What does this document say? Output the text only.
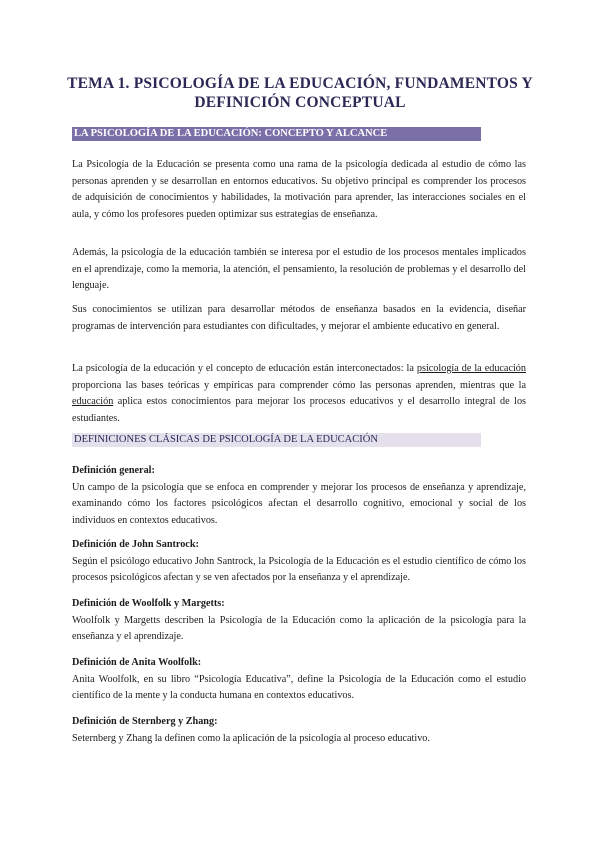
TEMA 1. PSICOLOGÍA DE LA EDUCACIÓN, FUNDAMENTOS Y DEFINICIÓN CONCEPTUAL
LA PSICOLOGÍA DE LA EDUCACIÓN: CONCEPTO Y ALCANCE

La Psicología de la Educación se presenta como una rama de la psicología dedicada al estudio de cómo las personas aprenden y se desarrollan en entornos educativos. Su objetivo principal es comprender los procesos de adquisición de conocimientos y habilidades, la motivación para aprender, las interacciones sociales en el aula, y cómo los profesores pueden optimizar sus estrategias de enseñanza.

Además, la psicología de la educación también se interesa por el estudio de los procesos mentales implicados en el aprendizaje, como la memoria, la atención, el pensamiento, la resolución de problemas y el desarrollo del lenguaje.

Sus conocimientos se utilizan para desarrollar métodos de enseñanza basados en la evidencia, diseñar programas de intervención para estudiantes con dificultades, y mejorar el ambiente educativo en general.

La psicología de la educación y el concepto de educación están interconectados: la psicología de la educación proporciona las bases teóricas y empíricas para comprender cómo las personas aprenden, mientras que la educación aplica estos conocimientos para mejorar los procesos educativos y el desarrollo integral de los estudiantes.

DEFINICIONES CLÁSICAS DE PSICOLOGÍA DE LA EDUCACIÓN
Definición general:
Un campo de la psicología que se enfoca en comprender y mejorar los procesos de enseñanza y aprendizaje, examinando cómo los factores psicológicos afectan el desarrollo cognitivo, emocional y social de los individuos en contextos educativos.
Definición de John Santrock:
Según el psicólogo educativo John Santrock, la Psicología de la Educación es el estudio científico de cómo los procesos psicológicos afectan y se ven afectados por la enseñanza y el aprendizaje.
Definición de Woolfolk y Margetts:
Woolfolk y Margetts describen la Psicología de la Educación como la aplicación de la psicología para la enseñanza y el aprendizaje.
Definición de Anita Woolfolk:
Anita Woolfolk, en su libro “Psicología Educativa”, define la Psicología de la Educación como el estudio científico de la mente y la conducta humana en contextos educativos.
Definición de Sternberg y Zhang:
Seternberg y Zhang la definen como la aplicación de la psicología al proceso educativo.
